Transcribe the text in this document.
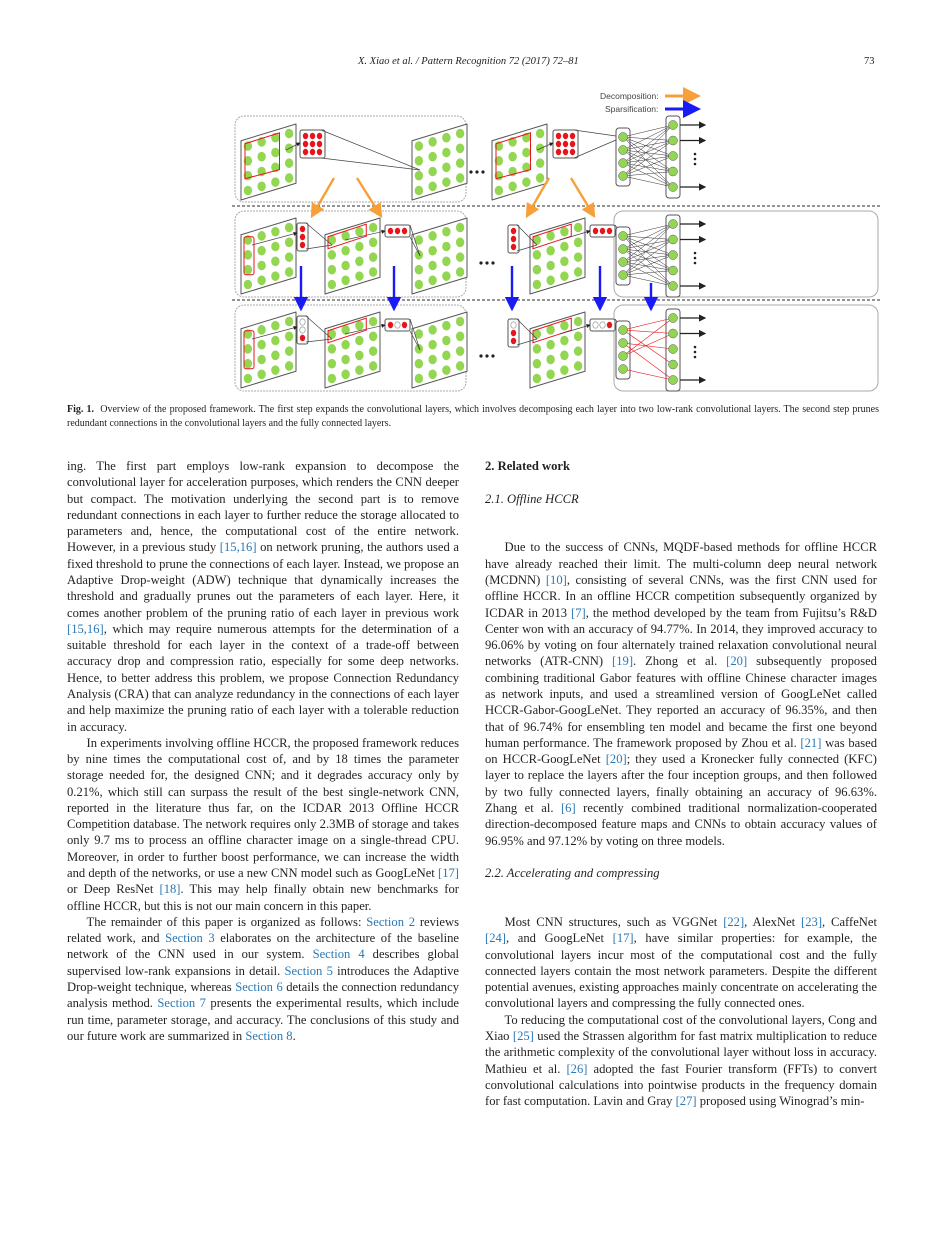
X. Xiao et al. / Pattern Recognition 72 (2017) 72–81	73
Decomposition:
Sparsification:
Fig. 1. Overview of the proposed framework. The first step expands the convolutional layers, which involves decomposing each layer into two low-rank convolutional layers. The second step prunes redundant connections in the convolutional layers and the fully connected layers.

ing. The first part employs low-rank expansion to decompose the convolutional layer for acceleration purposes, which renders the CNN deeper but compact. The motivation underlying the second part is to remove redundant connections in each layer to further reduce the storage allocated to parameters and, hence, the computational cost of the entire network. However, in a previous study [15,16] on network pruning, the authors used a fixed threshold to prune the connections of each layer. Instead, we propose an Adaptive Drop-weight (ADW) technique that dynamically increases the threshold and gradually prunes out the parameters of each layer. Here, it comes another problem of the pruning ratio of each layer in previous work [15,16], which may require numerous attempts for the determination of a suitable threshold for each layer in the context of a trade-off between accuracy drop and compression ratio, especially for some deep networks. Hence, to better address this problem, we propose Connection Redundancy Analysis (CRA) that can analyze redundancy in the connections of each layer and help maximize the pruning ratio of each layer with a tolerable reduction in accuracy.

In experiments involving offline HCCR, the proposed framework reduces by nine times the computational cost of, and by 18 times the parameter storage needed for, the designed CNN; and it degrades accuracy only by 0.21%, which still can surpass the result of the best single-network CNN, reported in the literature thus far, on the ICDAR 2013 Offline HCCR Competition database. The network requires only 2.3MB of storage and takes only 9.7 ms to process an offline character image on a single-thread CPU. Moreover, in order to further boost performance, we can increase the width and depth of the networks, or use a new CNN model such as GoogLeNet [17] or Deep ResNet [18]. This may help finally obtain new benchmarks for offline HCCR, but this is not our main concern in this paper.

The remainder of this paper is organized as follows: Section 2 reviews related work, and Section 3 elaborates on the architecture of the baseline network of the CNN used in our system. Section 4 describes global supervised low-rank expansions in detail. Section 5 introduces the Adaptive Drop-weight technique, whereas Section 6 details the connection redundancy analysis method. Section 7 presents the experimental results, which include run time, parameter storage, and accuracy. The conclusions of this study and our future work are summarized in Section 8.

2. Related work
2.1. Offline HCCR

Due to the success of CNNs, MQDF-based methods for offline HCCR have already reached their limit. The multi-column deep neural network (MCDNN) [10], consisting of several CNNs, was the first CNN used for offline HCCR. In an offline HCCR competition subsequently organized by ICDAR in 2013 [7], the method developed by the team from Fujitsu’s R&D Center won with an accuracy of 94.77%. In 2014, they improved accuracy to 96.06% by voting on four alternately trained relaxation convolutional neural networks (ATR-CNN) [19]. Zhong et al. [20] subsequently proposed combining traditional Gabor features with offline Chinese character images as network inputs, and used a streamlined version of GoogLeNet called HCCR-Gabor-GoogLeNet. They reported an accuracy of 96.35%, and then that of 96.74% for ensembling ten model and became the first one beyond human performance. The framework proposed by Zhou et al. [21] was based on HCCR-GoogLeNet [20]; they used a Kronecker fully connected (KFC) layer to replace the layers after the four inception groups, and then followed by two fully connected layers, finally obtaining an accuracy of 96.63%. Zhang et al. [6] recently combined traditional normalization-cooperated direction-decomposed feature maps and CNNs to obtain accuracy values of 96.95% and 97.12% by voting on three models.

2.2. Accelerating and compressing

Most CNN structures, such as VGGNet [22], AlexNet [23], CaffeNet [24], and GoogLeNet [17], have similar properties: for example, the convolutional layers incur most of the computational cost and the fully connected layers contain the most network parameters. Despite the different potential avenues, existing approaches mainly concentrate on accelerating the convolutional layers and compressing the fully connected ones.

To reducing the computational cost of the convolutional layers, Cong and Xiao [25] used the Strassen algorithm for fast matrix multiplication to reduce the arithmetic complexity of the convolutional layer without loss in accuracy. Mathieu et al. [26] adopted the fast Fourier transform (FFTs) to convert convolutional calculations into pointwise products in the frequency domain for fast computation. Lavin and Gray [27] proposed using Winograd’s min-
